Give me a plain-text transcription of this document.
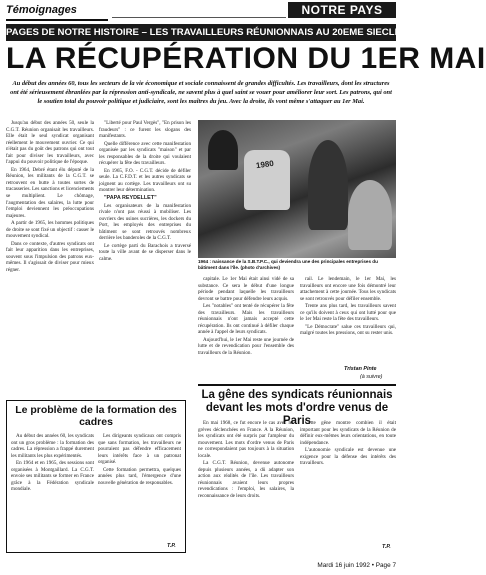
Témoignages	NOTRE PAYS
PAGES DE NOTRE HISTOIRE – LES TRAVAILLEURS RÉUNIONNAIS AU 20EME SIECLE
LA RÉCUPÉRATION DU 1ER MAI
Au début des années 60, tous les secteurs de la vie économique et sociale connaissent de grandes difficultés. Les travailleurs, dont les structures ont été sérieusement ébranlées par la répression anti-syndicale, ne savent plus à quel saint se vouer pour améliorer leur sort. Les patrons, qui ont le soutien total du pouvoir politique et judiciaire, sont les maîtres du jeu. Avec la droite, ils vont même s'attaquer au 1er Mai.

Jusqu'au début des années 50, seule la C.G.T. Réunion organisait les travailleurs. Elle était le seul syndicat organisant réellement le mouvement ouvrier. Ce qui n'était pas du goût des patrons qui ont tout fait pour diviser les travailleurs, avec l'appui du pouvoir politique de l'époque.

En 1964, Debré étant élu député de la Réunion, les militants de la C.G.T. se retrouvent en butte à toutes sortes de tracasseries. Les sanctions et licenciements se multiplient. Le chômage, l'augmentation des salaires, la lutte pour l'emploi deviennent les préoccupations majeures.

A partir de 1965, les hommes politiques de droite se sont fixé un objectif : casser le mouvement syndical.

Dans ce contexte, d'autres syndicats ont fait leur apparition dans les entreprises, souvent sous l'impulsion des patrons eux-mêmes. Il s'agissait de diviser pour mieux régner.

"Liberté pour Paul Vergès", "En prison les fraudeurs" : ce furent les slogans des manifestants.

Quelle différence avec cette manifestation organisée par les syndicats "maison" et par les responsables de la droite qui voulaient récupérer la fête des travailleurs.

En 1965, F.O. - C.G.T. décide de défiler seule. La C.F.D.T. et les autres syndicats se joignent au cortège. Les travailleurs ont su montrer leur détermination.

"PAPA REYDELLET"

Les organisateurs de la manifestation rivale n'ont pas réussi à mobiliser. Les ouvriers des usines sucrières, les dockers du Port, les employés des entreprises du bâtiment se sont retrouvés nombreux derrière les banderoles de la C.G.T.

Le cortège parti du Barachois a traversé toute la ville avant de se disperser dans le calme.

1980
1964 : naissance de la S.B.T.P.C., qui deviendra une des principales entreprises du bâtiment dans l'île. (photo d'archives)

capitale. Le 1er Mai était ainsi vidé de sa substance. Ce sera le début d'une longue période pendant laquelle les travailleurs devront se battre pour défendre leurs acquis.

Les "notables" ont tenté de récupérer la fête des travailleurs. Mais les travailleurs réunionnais n'ont jamais accepté cette récupération. Ils ont continué à défiler chaque année à l'appel de leurs syndicats.

Aujourd'hui, le 1er Mai reste une journée de lutte et de revendication pour l'ensemble des travailleurs de la Réunion.

rail. Le lendemain, le 1er Mai, les travailleurs ont encore une fois démontré leur attachement à cette journée. Tous les syndicats se sont retrouvés pour défiler ensemble.

Trente ans plus tard, les travailleurs savent ce qu'ils doivent à ceux qui ont lutté pour que le 1er Mai reste la fête des travailleurs.

"Le Démocrate" salue ces travailleurs qui, malgré toutes les pressions, ont su rester unis.

Tristan Pinte
(à suivre)
Le problème de la formation des cadres

Au début des années 60, les syndicats ont un gros problème : la formation des cadres. La répression a frappé durement les militants les plus expérimentés.

En 1964 et en 1965, des sessions sont organisées à Montgaillard. La C.G.T. envoie ses militants se former en France grâce à la Fédération syndicale mondiale.

Les dirigeants syndicaux ont compris que sans formation, les travailleurs ne pourraient pas défendre efficacement leurs intérêts face à un patronat organisé.

Cette formation permettra, quelques années plus tard, l'émergence d'une nouvelle génération de responsables.

T.P.
La gêne des syndicats réunionnais devant les mots d'ordre venus de Paris

En mai 1968, ce fut encore le cas avec les grèves déclenchées en France. A la Réunion, les syndicats ont été surpris par l'ampleur du mouvement. Les mots d'ordre venus de Paris ne correspondaient pas toujours à la situation locale.

La C.G.T. Réunion, devenue autonome depuis plusieurs années, a dû adapter son action aux réalités de l'île. Les travailleurs réunionnais avaient leurs propres revendications : l'emploi, les salaires, la reconnaissance de leurs droits.

Cette gêne montre combien il était important pour les syndicats de la Réunion de définir eux-mêmes leurs orientations, en toute indépendance.

L'autonomie syndicale est devenue une exigence pour la défense des intérêts des travailleurs.

T.P.
Mardi 16 juin 1992 • Page 7
